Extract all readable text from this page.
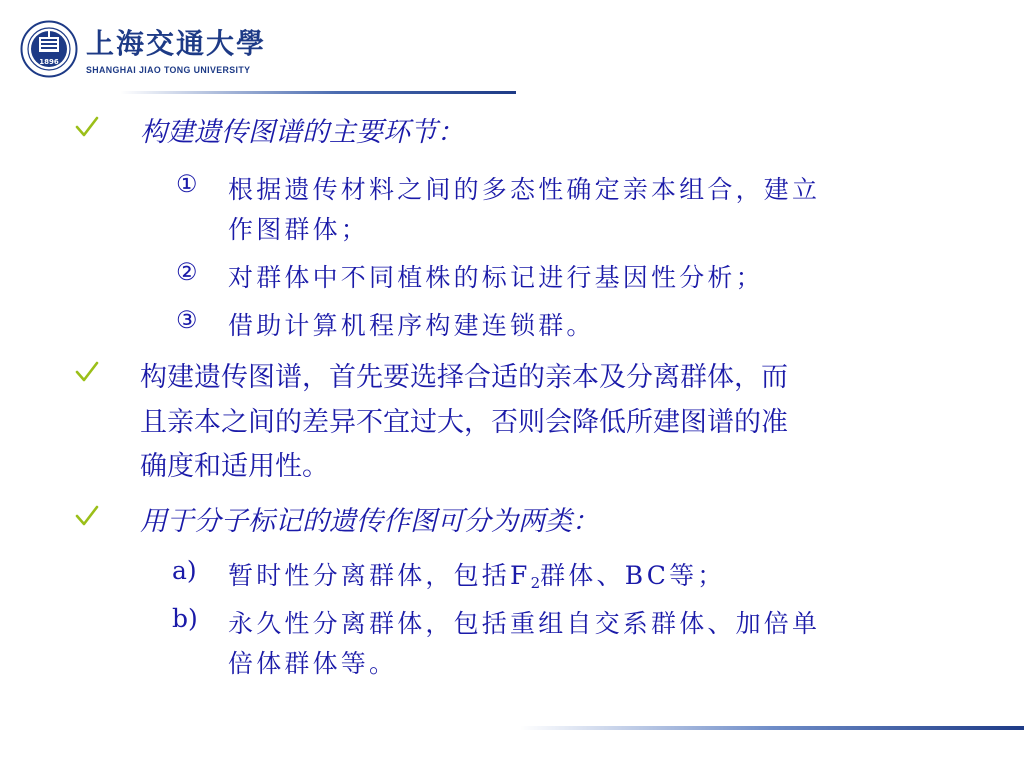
1896
上海交通大學
SHANGHAI JIAO TONG UNIVERSITY
构建遗传图谱的主要环节：
① 根据遗传材料之间的多态性确定亲本组合，建立
作图群体；
② 对群体中不同植株的标记进行基因性分析；
③ 借助计算机程序构建连锁群。
构建遗传图谱，首先要选择合适的亲本及分离群体，而
且亲本之间的差异不宜过大，否则会降低所建图谱的准
确度和适用性。
用于分子标记的遗传作图可分为两类：
a) 暂时性分离群体，包括$F_2$群体、BC等；
b) 永久性分离群体，包括重组自交系群体、加倍单
倍体群体等。
